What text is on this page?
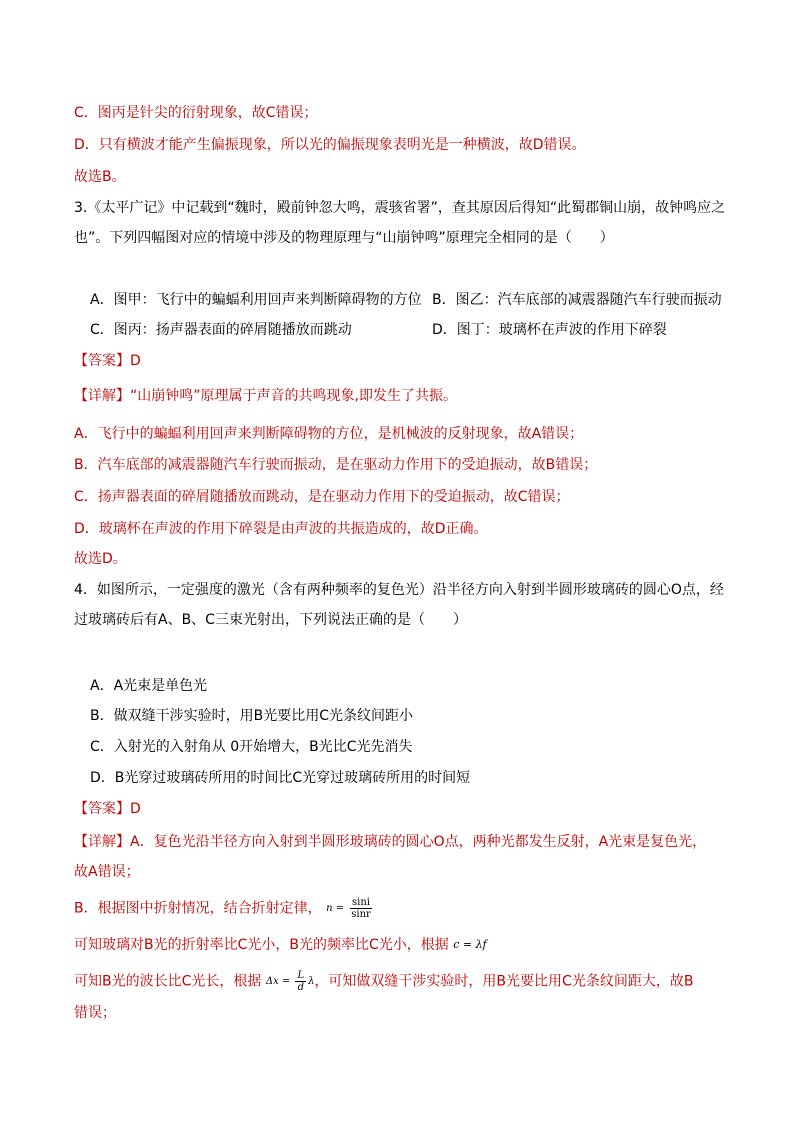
C．图丙是针尖的衍射现象，故C错误；
D．只有横波才能产生偏振现象，所以光的偏振现象表明光是一种横波，故D错误。
故选B。
3.《太平广记》中记载到“魏时，殿前钟忽大鸣，震骇省署”，查其原因后得知“此蜀郡铜山崩，故钟鸣应之
也”。下列四幅图对应的情境中涉及的物理原理与“山崩钟鸣”原理完全相同的是（　　）
A．图甲：飞行中的蝙蝠利用回声来判断障碍物的方位 B．图乙：汽车底部的减震器随汽车行驶而振动
C．图丙：扬声器表面的碎屑随播放而跳动	D．图丁：玻璃杯在声波的作用下碎裂
【答案】D
【详解】“山崩钟鸣”原理属于声音的共鸣现象,即发生了共振。
A．飞行中的蝙蝠利用回声来判断障碍物的方位，是机械波的反射现象，故A错误；
B．汽车底部的减震器随汽车行驶而振动，是在驱动力作用下的受迫振动，故B错误；
C．扬声器表面的碎屑随播放而跳动，是在驱动力作用下的受迫振动，故C错误；
D．玻璃杯在声波的作用下碎裂是由声波的共振造成的，故D正确。
故选D。
4．如图所示，一定强度的激光（含有两种频率的复色光）沿半径方向入射到半圆形玻璃砖的圆心O点，经
过玻璃砖后有A、B、C三束光射出，下列说法正确的是（　　）
A．A光束是单色光
B．做双缝干涉实验时，用B光要比用C光条纹间距小
C．入射光的入射角从 0开始增大，B光比C光先消失
D．B光穿过玻璃砖所用的时间比C光穿过玻璃砖所用的时间短
【答案】D
【详解】A．复色光沿半径方向入射到半圆形玻璃砖的圆心O点，两种光都发生反射，A光束是复色光，
故A错误；
B．根据图中折射情况，结合折射定律， $n = \frac{\sin i}{\sin r}$
可知玻璃对B光的折射率比C光小，B光的频率比C光小，根据 c = λf
可知B光的波长比C光长，根据 $\Delta x = \frac{L}{d}$ λ，可知做双缝干涉实验时，用B光要比用C光条纹间距大，故B
错误；
